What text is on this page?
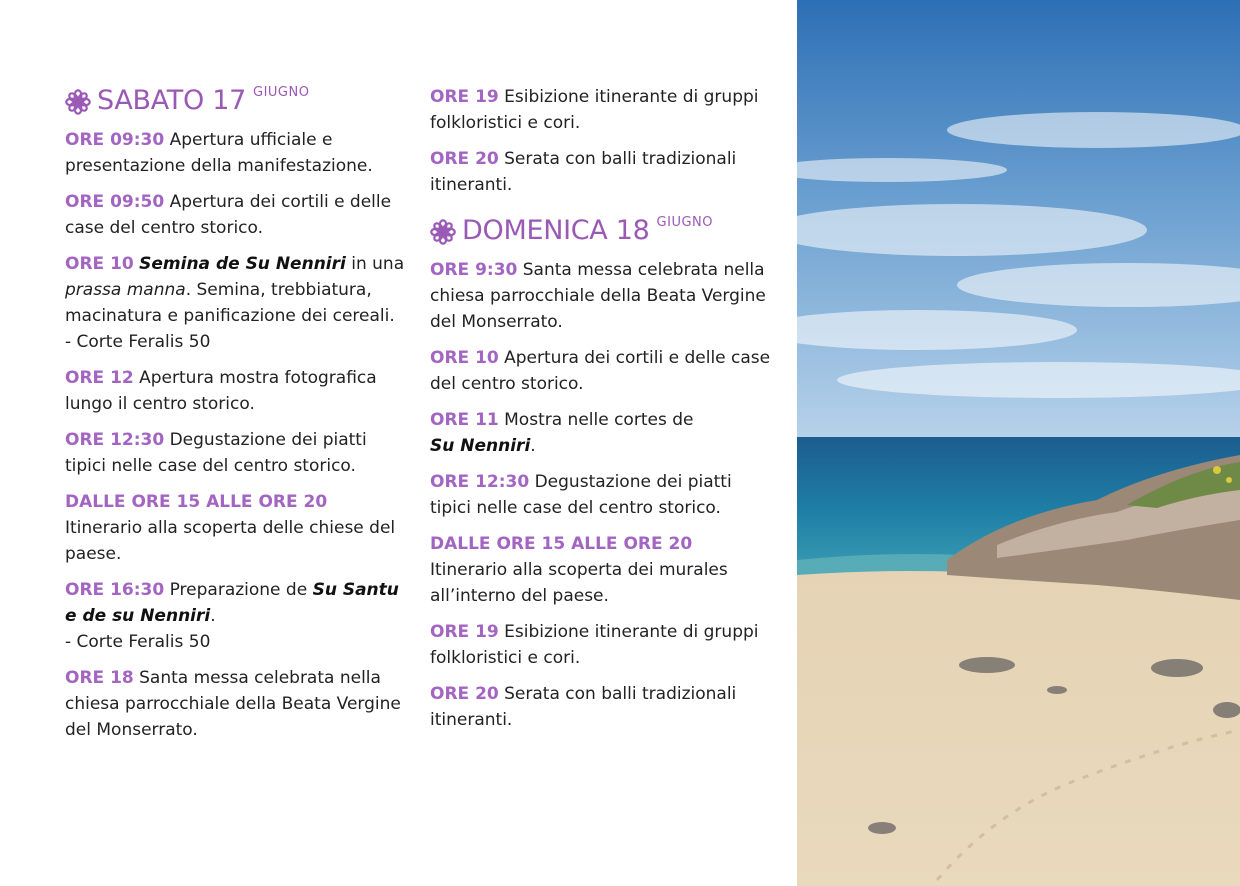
SABATO 17 GIUGNO

ORE 09:30 Apertura ufficiale e presentazione della manifestazione.

ORE 09:50 Apertura dei cortili e delle case del centro storico.

ORE 10 Semina de Su Nenniri in una prassa manna. Semina, trebbiatura, macinatura e panificazione dei cereali.
- Corte Feralis 50

ORE 12 Apertura mostra fotografica lungo il centro storico.

ORE 12:30 Degustazione dei piatti tipici nelle case del centro storico.

DALLE ORE 15 ALLE ORE 20
Itinerario alla scoperta delle chiese del paese.

ORE 16:30 Preparazione de Su Santu e de su Nenniri.
- Corte Feralis 50

ORE 18 Santa messa celebrata nella chiesa parrocchiale della Beata Vergine del Monserrato.

ORE 19 Esibizione itinerante di gruppi folkloristici e cori.

ORE 20 Serata con balli tradizionali itineranti.

DOMENICA 18 GIUGNO

ORE 9:30 Santa messa celebrata nella chiesa parrocchiale della Beata Vergine del Monserrato.

ORE 10 Apertura dei cortili e delle case del centro storico.

ORE 11 Mostra nelle cortes de
Su Nenniri.

ORE 12:30 Degustazione dei piatti tipici nelle case del centro storico.

DALLE ORE 15 ALLE ORE 20
Itinerario alla scoperta dei murales all’interno del paese.

ORE 19 Esibizione itinerante di gruppi folkloristici e cori.

ORE 20 Serata con balli tradizionali itineranti.
